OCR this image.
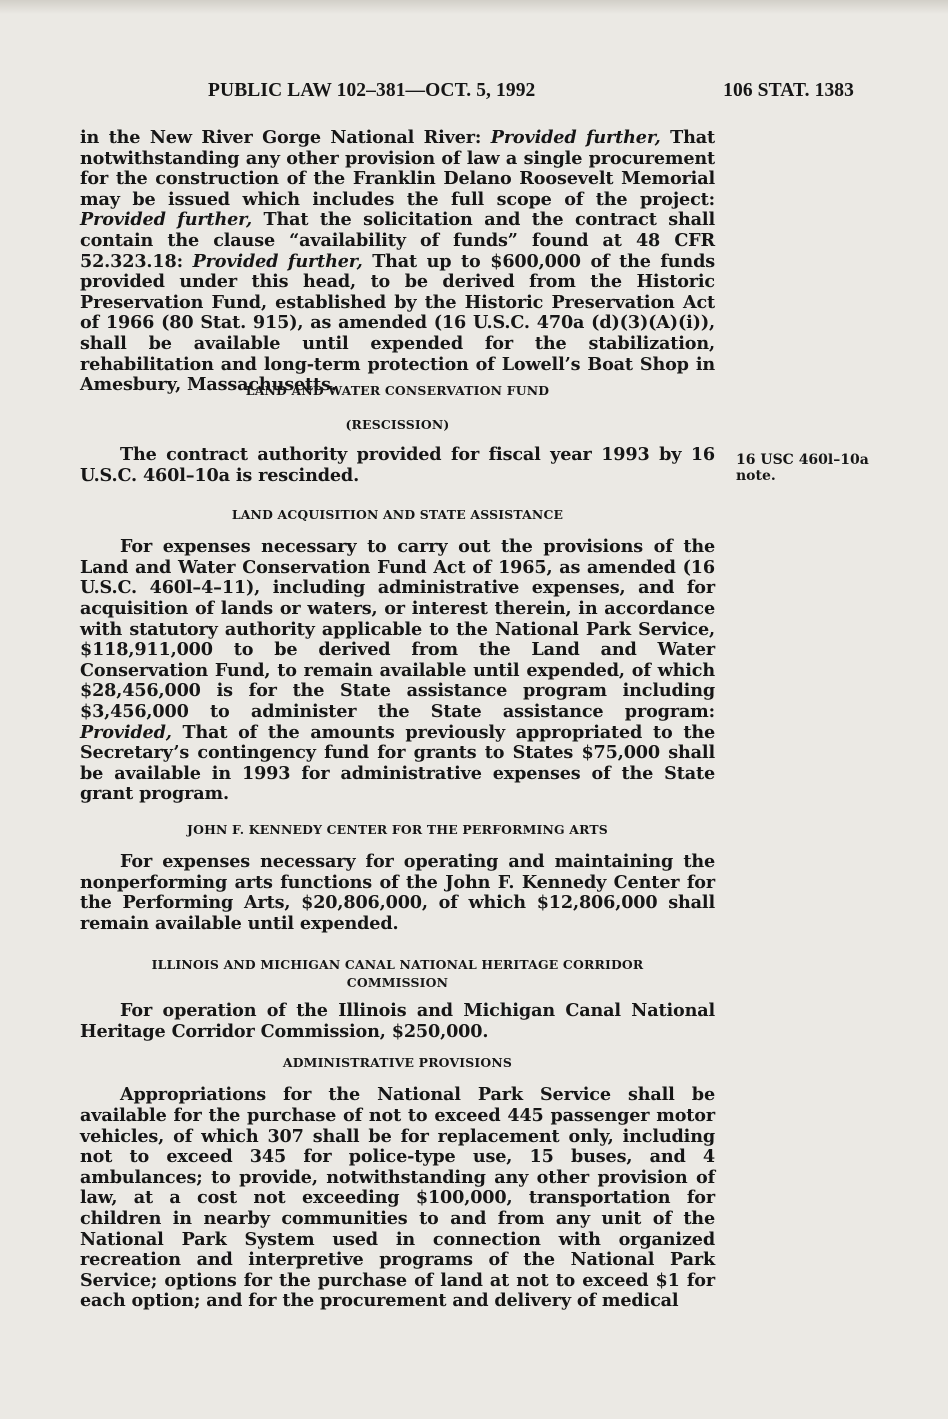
PUBLIC LAW 102–381—OCT. 5, 1992	106 STAT. 1383

in the New River Gorge National River: Provided further, That notwithstanding any other provision of law a single procurement for the construction of the Franklin Delano Roosevelt Memorial may be issued which includes the full scope of the project: Provided further, That the solicitation and the contract shall contain the clause “availability of funds” found at 48 CFR 52.323.18: Provided further, That up to $600,000 of the funds provided under this head, to be derived from the Historic Preservation Fund, established by the Historic Preservation Act of 1966 (80 Stat. 915), as amended (16 U.S.C. 470a (d)(3)(A)(i)), shall be available until expended for the stabilization, rehabilitation and long-term protection of Lowell’s Boat Shop in Amesbury, Massachusetts.

LAND AND WATER CONSERVATION FUND
(RESCISSION)

The contract authority provided for fiscal year 1993 by 16 U.S.C. 460l–10a is rescinded.

LAND ACQUISITION AND STATE ASSISTANCE

For expenses necessary to carry out the provisions of the Land and Water Conservation Fund Act of 1965, as amended (16 U.S.C. 460l–4–11), including administrative expenses, and for acquisition of lands or waters, or interest therein, in accordance with statutory authority applicable to the National Park Service, $118,911,000 to be derived from the Land and Water Conservation Fund, to remain available until expended, of which $28,456,000 is for the State assistance program including $3,456,000 to administer the State assistance program: Provided, That of the amounts previously appropriated to the Secretary’s contingency fund for grants to States $75,000 shall be available in 1993 for administrative expenses of the State grant program.

JOHN F. KENNEDY CENTER FOR THE PERFORMING ARTS

For expenses necessary for operating and maintaining the nonperforming arts functions of the John F. Kennedy Center for the Performing Arts, $20,806,000, of which $12,806,000 shall remain available until expended.

ILLINOIS AND MICHIGAN CANAL NATIONAL HERITAGE CORRIDOR
COMMISSION

For operation of the Illinois and Michigan Canal National Heritage Corridor Commission, $250,000.

ADMINISTRATIVE PROVISIONS

Appropriations for the National Park Service shall be available for the purchase of not to exceed 445 passenger motor vehicles, of which 307 shall be for replacement only, including not to exceed 345 for police-type use, 15 buses, and 4 ambulances; to provide, notwithstanding any other provision of law, at a cost not exceeding $100,000, transportation for children in nearby communities to and from any unit of the National Park System used in connection with organized recreation and interpretive programs of the National Park Service; options for the purchase of land at not to exceed $1 for each option; and for the procurement and delivery of medical

16 USC 460l–10a
note.
